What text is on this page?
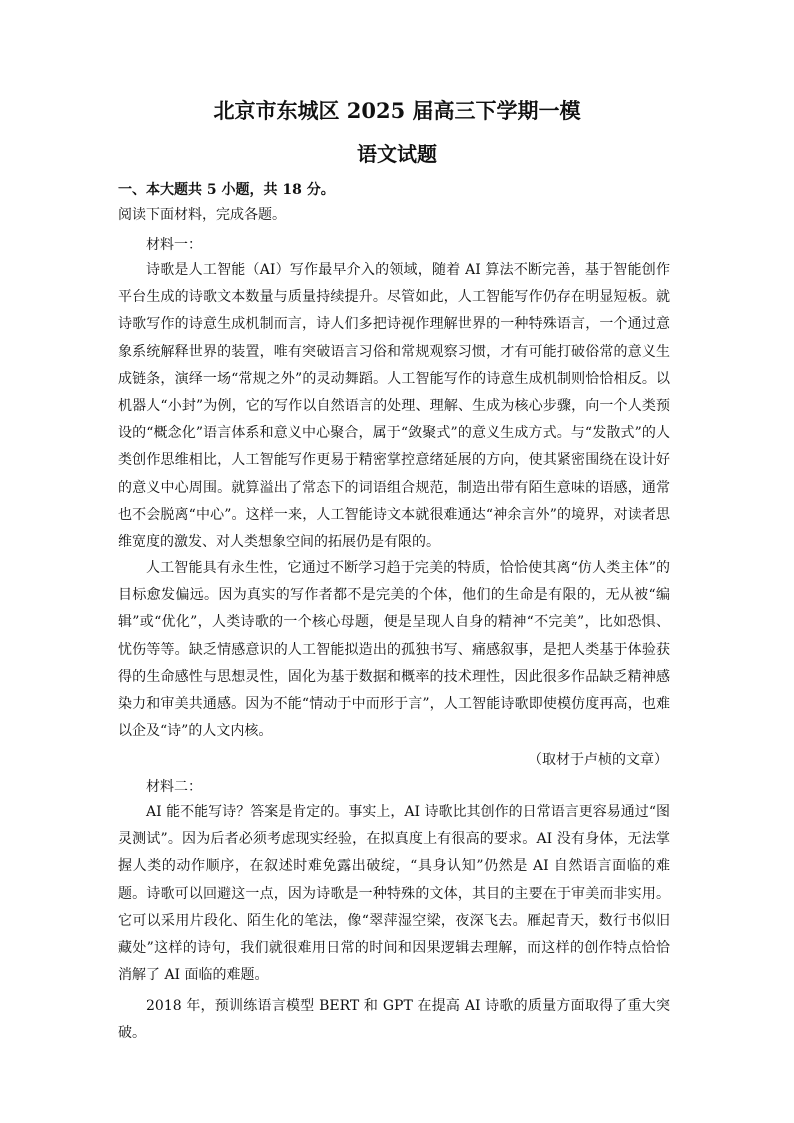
北京市东城区 2025 届高三下学期一模
语文试题
一、本大题共 5 小题，共 18 分。
阅读下面材料，完成各题。
材料一：

诗歌是人工智能（AI）写作最早介入的领域，随着 AI 算法不断完善，基于智能创作平台生成的诗歌文本数量与质量持续提升。尽管如此，人工智能写作仍存在明显短板。就诗歌写作的诗意生成机制而言，诗人们多把诗视作理解世界的一种特殊语言，一个通过意象系统解释世界的装置，唯有突破语言习俗和常规观察习惯，才有可能打破俗常的意义生成链条，演绎一场“常规之外”的灵动舞蹈。人工智能写作的诗意生成机制则恰恰相反。以机器人“小封”为例，它的写作以自然语言的处理、理解、生成为核心步骤，向一个人类预设的“概念化”语言体系和意义中心聚合，属于“敛聚式”的意义生成方式。与“发散式”的人类创作思维相比，人工智能写作更易于精密掌控意绪延展的方向，使其紧密围绕在设计好的意义中心周围。就算溢出了常态下的词语组合规范，制造出带有陌生意味的语感，通常也不会脱离“中心”。这样一来，人工智能诗文本就很难通达“神余言外”的境界，对读者思维宽度的激发、对人类想象空间的拓展仍是有限的。

人工智能具有永生性，它通过不断学习趋于完美的特质，恰恰使其离“仿人类主体”的目标愈发偏远。因为真实的写作者都不是完美的个体，他们的生命是有限的，无从被“编辑”或“优化”，人类诗歌的一个核心母题，便是呈现人自身的精神“不完美”，比如恐惧、忧伤等等。缺乏情感意识的人工智能拟造出的孤独书写、痛感叙事，是把人类基于体验获得的生命感性与思想灵性，固化为基于数据和概率的技术理性，因此很多作品缺乏精神感染力和审美共通感。因为不能“情动于中而形于言”，人工智能诗歌即使模仿度再高，也难以企及“诗”的人文内核。

（取材于卢桢的文章）
材料二：

AI 能不能写诗？答案是肯定的。事实上，AI 诗歌比其创作的日常语言更容易通过“图灵测试”。因为后者必须考虑现实经验，在拟真度上有很高的要求。AI 没有身体，无法掌握人类的动作顺序，在叙述时难免露出破绽，“具身认知”仍然是 AI 自然语言面临的难题。诗歌可以回避这一点，因为诗歌是一种特殊的文体，其目的主要在于审美而非实用。它可以采用片段化、陌生化的笔法，像“翠萍湿空梁，夜深飞去。雁起青天，数行书似旧藏处”这样的诗句，我们就很难用日常的时间和因果逻辑去理解，而这样的创作特点恰恰消解了 AI 面临的难题。

2018 年，预训练语言模型 BERT 和 GPT 在提高 AI 诗歌的质量方面取得了重大突破。
